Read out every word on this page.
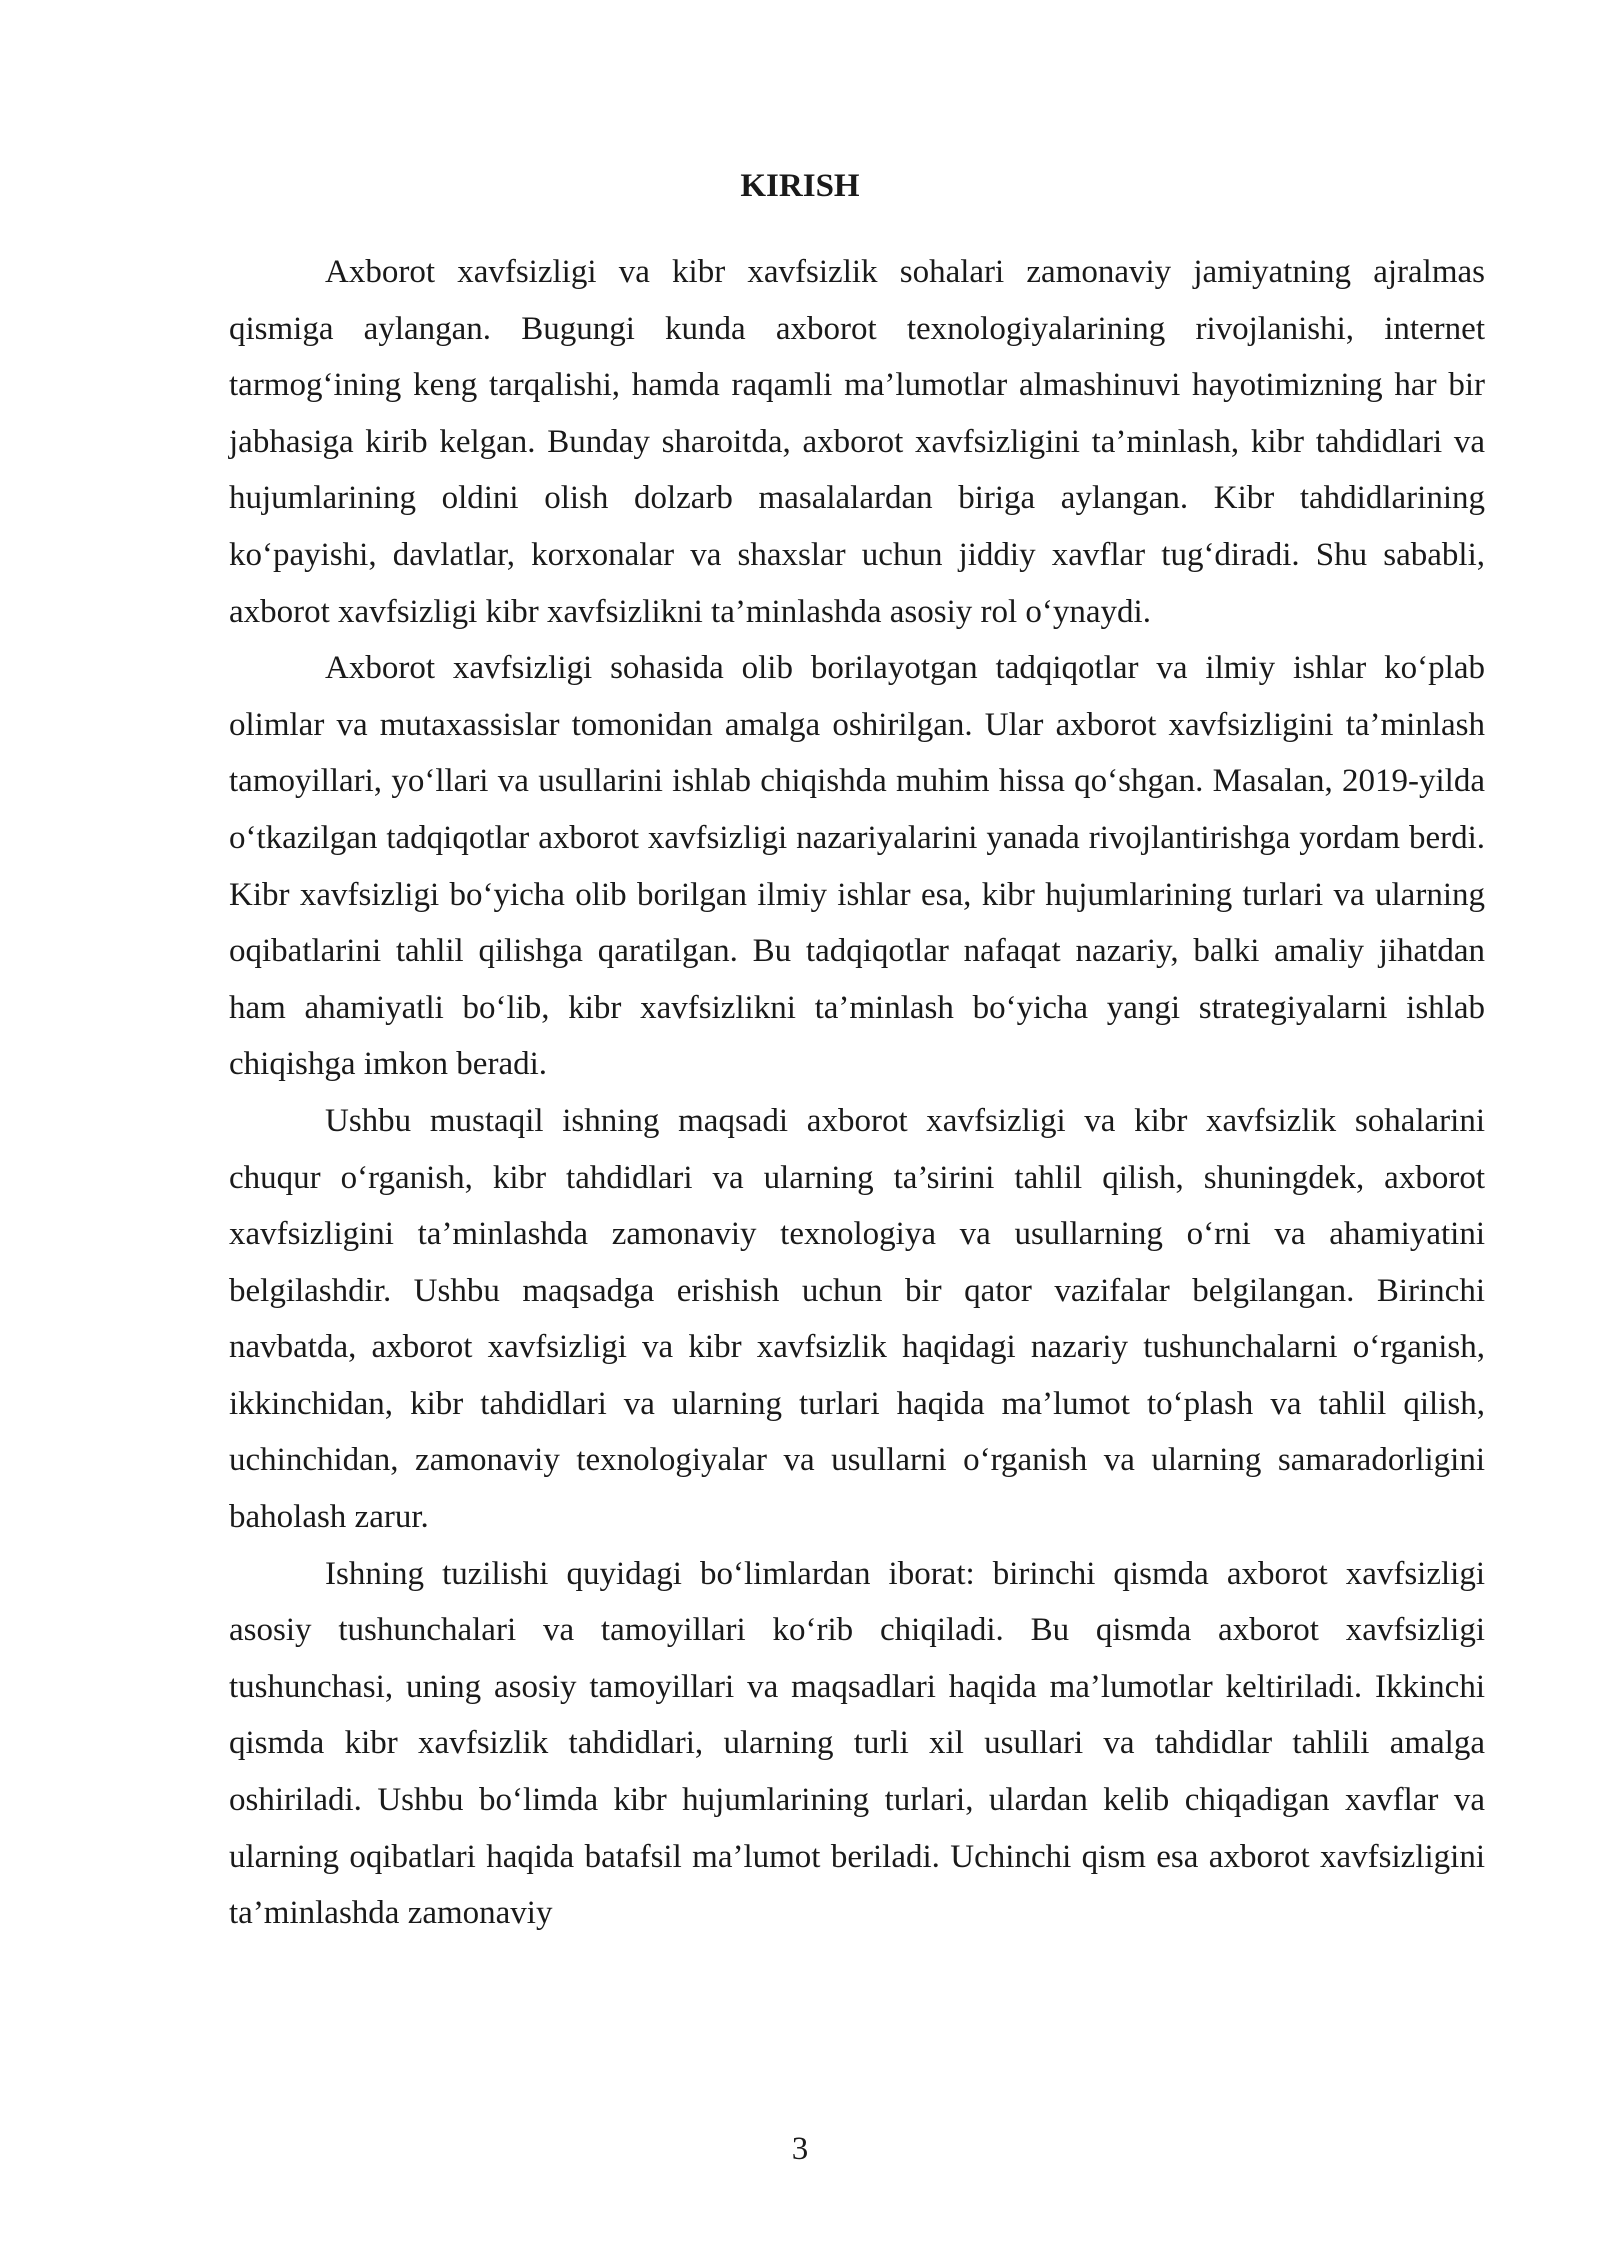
KIRISH

Axborot xavfsizligi va kibr xavfsizlik sohalari zamonaviy jamiyatning ajralmas qismiga aylangan. Bugungi kunda axborot texnologiyalarining rivojlanishi, internet tarmog‘ining keng tarqalishi, hamda raqamli ma’lumotlar almashinuvi hayotimizning har bir jabhasiga kirib kelgan. Bunday sharoitda, axborot xavfsizligini ta’minlash, kibr tahdidlari va hujumlarining oldini olish dolzarb masalalardan biriga aylangan. Kibr tahdidlarining ko‘payishi, davlatlar, korxonalar va shaxslar uchun jiddiy xavflar tug‘diradi. Shu sababli, axborot xavfsizligi kibr xavfsizlikni ta’minlashda asosiy rol o‘ynaydi.

Axborot xavfsizligi sohasida olib borilayotgan tadqiqotlar va ilmiy ishlar ko‘plab olimlar va mutaxassislar tomonidan amalga oshirilgan. Ular axborot xavfsizligini ta’minlash tamoyillari, yo‘llari va usullarini ishlab chiqishda muhim hissa qo‘shgan. Masalan, 2019-yilda o‘tkazilgan tadqiqotlar axborot xavfsizligi nazariyalarini yanada rivojlantirishga yordam berdi. Kibr xavfsizligi bo‘yicha olib borilgan ilmiy ishlar esa, kibr hujumlarining turlari va ularning oqibatlarini tahlil qilishga qaratilgan. Bu tadqiqotlar nafaqat nazariy, balki amaliy jihatdan ham ahamiyatli bo‘lib, kibr xavfsizlikni ta’minlash bo‘yicha yangi strategiyalarni ishlab chiqishga imkon beradi.

Ushbu mustaqil ishning maqsadi axborot xavfsizligi va kibr xavfsizlik sohalarini chuqur o‘rganish, kibr tahdidlari va ularning ta’sirini tahlil qilish, shuningdek, axborot xavfsizligini ta’minlashda zamonaviy texnologiya va usullarning o‘rni va ahamiyatini belgilashdir. Ushbu maqsadga erishish uchun bir qator vazifalar belgilangan. Birinchi navbatda, axborot xavfsizligi va kibr xavfsizlik haqidagi nazariy tushunchalarni o‘rganish, ikkinchidan, kibr tahdidlari va ularning turlari haqida ma’lumot to‘plash va tahlil qilish, uchinchidan, zamonaviy texnologiyalar va usullarni o‘rganish va ularning samaradorligini baholash zarur.

Ishning tuzilishi quyidagi bo‘limlardan iborat: birinchi qismda axborot xavfsizligi asosiy tushunchalari va tamoyillari ko‘rib chiqiladi. Bu qismda axborot xavfsizligi tushunchasi, uning asosiy tamoyillari va maqsadlari haqida ma’lumotlar keltiriladi. Ikkinchi qismda kibr xavfsizlik tahdidlari, ularning turli xil usullari va tahdidlar tahlili amalga oshiriladi. Ushbu bo‘limda kibr hujumlarining turlari, ulardan kelib chiqadigan xavflar va ularning oqibatlari haqida batafsil ma’lumot beriladi. Uchinchi qism esa axborot xavfsizligini ta’minlashda zamonaviy

3
